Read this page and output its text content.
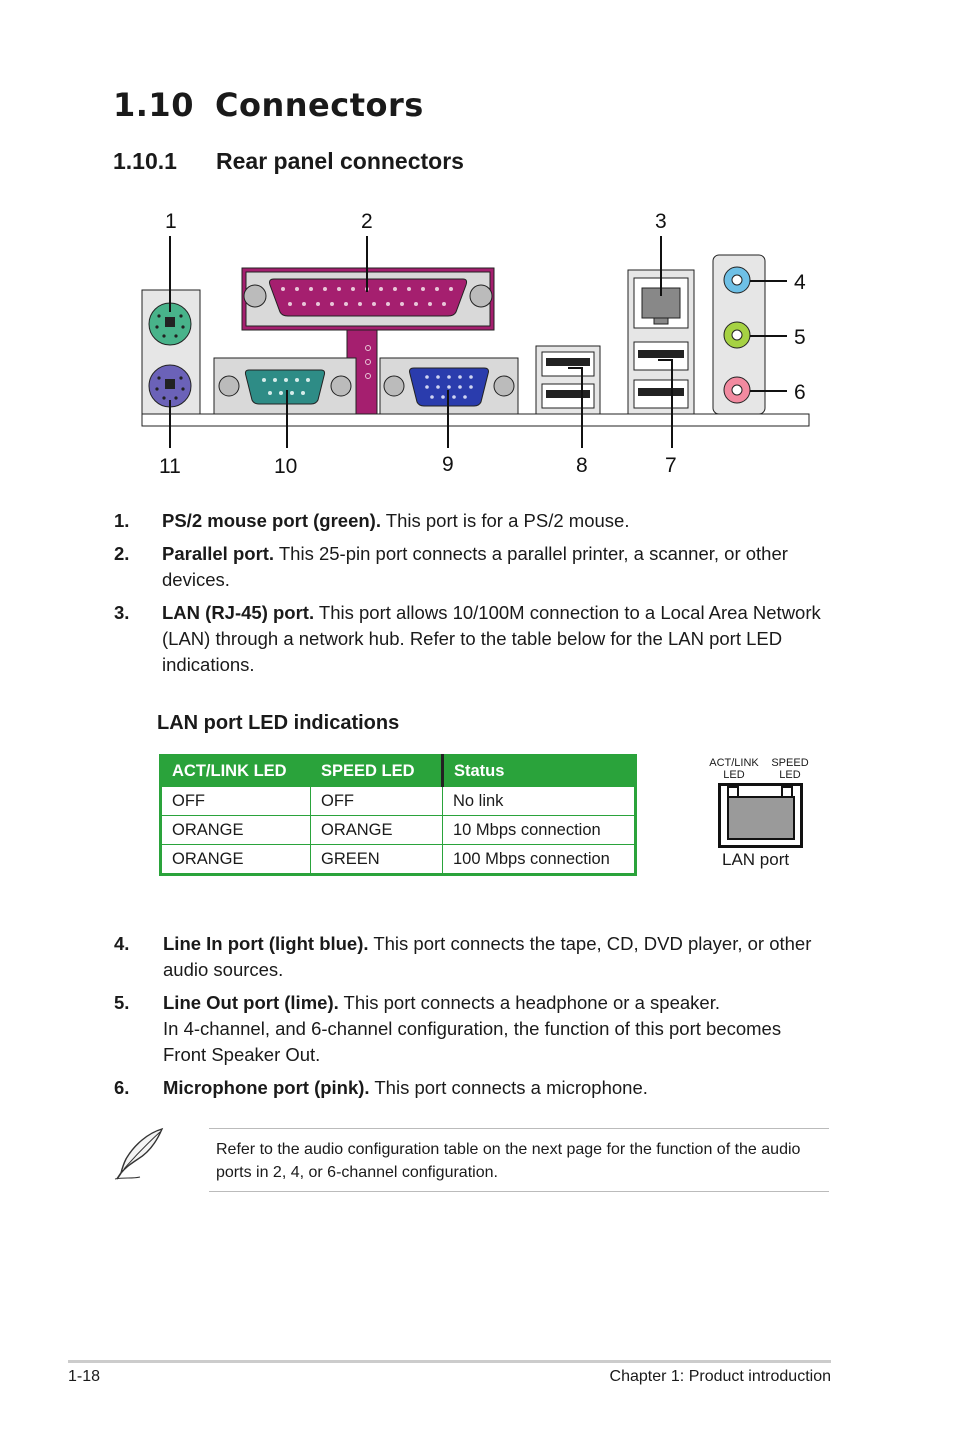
1.10 Connectors
1.10.1 Rear panel connectors
1	2	3
4
5
6
7
8
9
10
11
1. PS/2 mouse port (green). This port is for a PS/2 mouse.
2. Parallel port. This 25-pin port connects a parallel printer, a scanner, or other devices.
3. LAN (RJ-45) port. This port allows 10/100M connection to a Local Area Network (LAN) through a network hub. Refer to the table below for the LAN port LED indications.
LAN port LED indications
ACT/LINK LED	SPEED LED	Status
OFF	OFF	No link
ORANGE	ORANGE	10 Mbps connection
ORANGE	GREEN	100 Mbps connection
ACT/LINK
LED
SPEED
LED
LAN port
4. Line In port (light blue). This port connects the tape, CD, DVD player, or other audio sources.
5. Line Out port (lime). This port connects a headphone or a speaker.
In 4-channel, and 6-channel configuration, the function of this port becomes Front Speaker Out.
6. Microphone port (pink). This port connects a microphone.
Refer to the audio configuration table on the next page for the function of the audio ports in 2, 4, or 6-channel configuration.
1-18	Chapter 1: Product introduction
